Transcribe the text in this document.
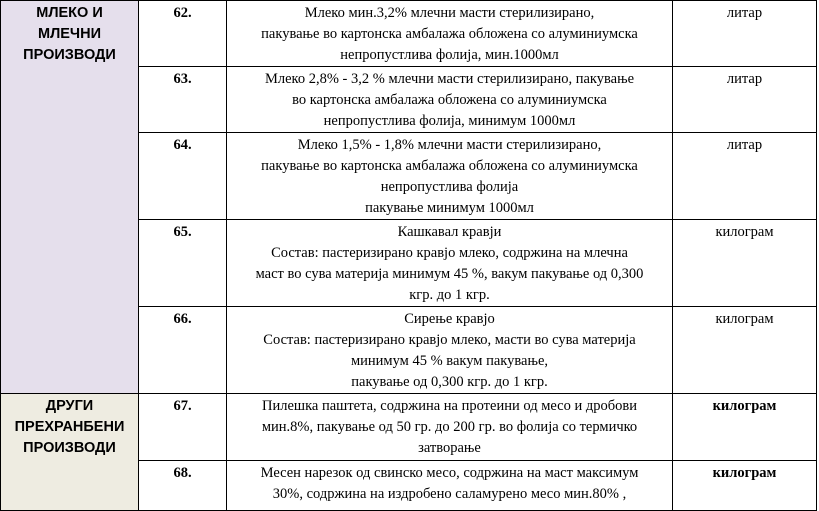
МЛЕКО И
МЛЕЧНИ
ПРОИЗВОДИ	62.	Млеко мин.3,2% млечни масти стерилизирано,
пакување во картонска амбалажа обложена со алуминиумска
непропустлива фолија, мин.1000мл	литар
	63.	Млеко 2,8% - 3,2 % млечни масти стерилизирано, пакување
во картонска амбалажа обложена со алуминиумска
непропустлива фолија, минимум 1000мл	литар
	64.	Млеко 1,5% - 1,8% млечни масти стерилизирано,
пакување во картонска амбалажа обложена со алуминиумска
непропустлива фолија
пакување минимум 1000мл	литар
	65.	Кашкавал кравји
Состав: пастеризирано кравјо млеко, содржина на млечна
маст во сува материја минимум 45 %, вакум пакување од 0,300
кгр. до 1 кгр.	килограм
	66.	Сирење кравјо
Состав: пастеризирано кравјо млеко, масти во сува материја
минимум 45 % вакум пакување,
пакување од 0,300 кгр. до 1 кгр.	килограм

ДРУГИ
ПРЕХРАНБЕНИ
ПРОИЗВОДИ	67.	Пилешка паштета, содржина на протеини од месо и дробови
мин.8%, пакување од 50 гр. до 200 гр. во фолија со термичко
затворање	килограм
	68.	Месен нарезок од свинско месо, содржина на маст максимум
30%, содржина на издробено саламурено месо мин.80% ,	килограм
